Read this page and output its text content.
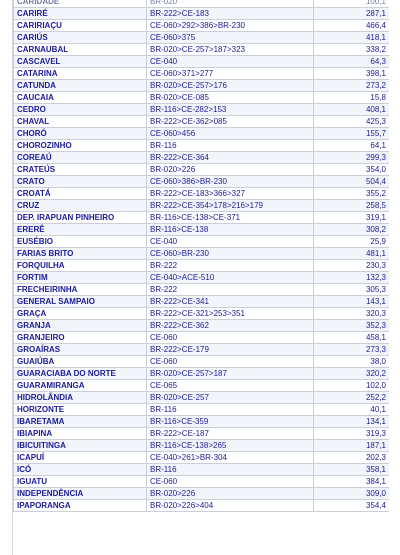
CARIDADE	BR-020	100,1
CARIRÉ	BR-222>CE-183	287,1
CARIRIAÇU	CE-060>292>386>BR-230	466,4
CARIÚS	CE-060>375	418,1
CARNAUBAL	BR-020>CE-257>187>323	338,2
CASCAVEL	CE-040	64,3
CATARINA	CE-060>371>277	398,1
CATUNDA	BR-020>CE-257>176	273,2
CAUCAIA	BR-020>CE-085	15,8
CEDRO	BR-116>CE-282>153	408,1
CHAVAL	BR-222>CE-362>085	425,3
CHORÓ	CE-060>456	155,7
CHOROZINHO	BR-116	64,1
COREAÚ	BR-222>CE-364	299,3
CRATEÚS	BR-020>226	354,0
CRATO	CE-060>386>BR-230	504,4
CROATÁ	BR-222>CE-183>366>327	355,2
CRUZ	BR-222>CE-354>178>216>179	258,5
DEP. IRAPUAN PINHEIRO	BR-116>CE-138>CE-371	319,1
ERERÊ	BR-116>CE-138	308,2
EUSÉBIO	CE-040	25,9
FARIAS BRITO	CE-060>BR-230	481,1
FORQUILHA	BR-222	230,3
FORTIM	CE-040>ACE-510	132,3
FRECHEIRINHA	BR-222	305,3
GENERAL SAMPAIO	BR-222>CE-341	143,1
GRAÇA	BR-222>CE-321>253>351	320,3
GRANJA	BR-222>CE-362	352,3
GRANJEIRO	CE-060	458,1
GROAÍRAS	BR-222>CE-179	273,3
GUAIÚBA	CE-060	38,0
GUARACIABA DO NORTE	BR-020>CE-257>187	320,2
GUARAMIRANGA	CE-065	102,0
HIDROLÂNDIA	BR-020>CE-257	252,2
HORIZONTE	BR-116	40,1
IBARETAMA	BR-116>CE-359	134,1
IBIAPINA	BR-222>CE-187	319,3
IBICUITINGA	BR-116>CE-138>265	187,1
ICAPUÍ	CE-040>261>BR-304	202,3
ICÓ	BR-116	358,1
IGUATU	CE-060	384,1
INDEPENDÊNCIA	BR-020>226	309,0
IPAPORANGA	BR-020>226>404	354,4
